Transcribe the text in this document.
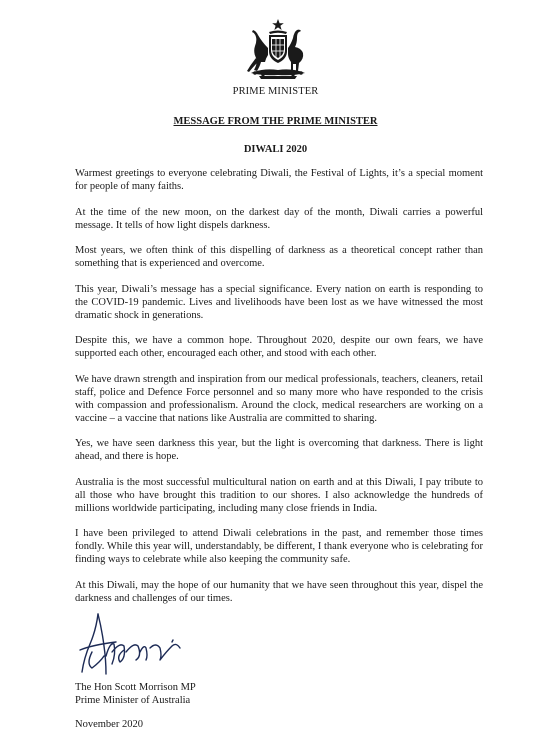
PRIME MINISTER
MESSAGE FROM THE PRIME MINISTER
DIWALI 2020

Warmest greetings to everyone celebrating Diwali, the Festival of Lights, it’s a special moment for people of many faiths.

At the time of the new moon, on the darkest day of the month, Diwali carries a powerful message. It tells of how light dispels darkness.

Most years, we often think of this dispelling of darkness as a theoretical concept rather than something that is experienced and overcome.

This year, Diwali’s message has a special significance. Every nation on earth is responding to the COVID-19 pandemic. Lives and livelihoods have been lost as we have witnessed the most dramatic shock in generations.

Despite this, we have a common hope. Throughout 2020, despite our own fears, we have supported each other, encouraged each other, and stood with each other.

We have drawn strength and inspiration from our medical professionals, teachers, cleaners, retail staff, police and Defence Force personnel and so many more who have responded to the crisis with compassion and professionalism. Around the clock, medical researchers are working on a vaccine – a vaccine that nations like Australia are committed to sharing.

Yes, we have seen darkness this year, but the light is overcoming that darkness. There is light ahead, and there is hope.

Australia is the most successful multicultural nation on earth and at this Diwali, I pay tribute to all those who have brought this tradition to our shores. I also acknowledge the hundreds of millions worldwide participating, including many close friends in India.

I have been privileged to attend Diwali celebrations in the past, and remember those times fondly. While this year will, understandably, be different, I thank everyone who is celebrating for finding ways to celebrate while also keeping the community safe.

At this Diwali, may the hope of our humanity that we have seen throughout this year, dispel the darkness and challenges of our times.

The Hon Scott Morrison MP
Prime Minister of Australia
November 2020
